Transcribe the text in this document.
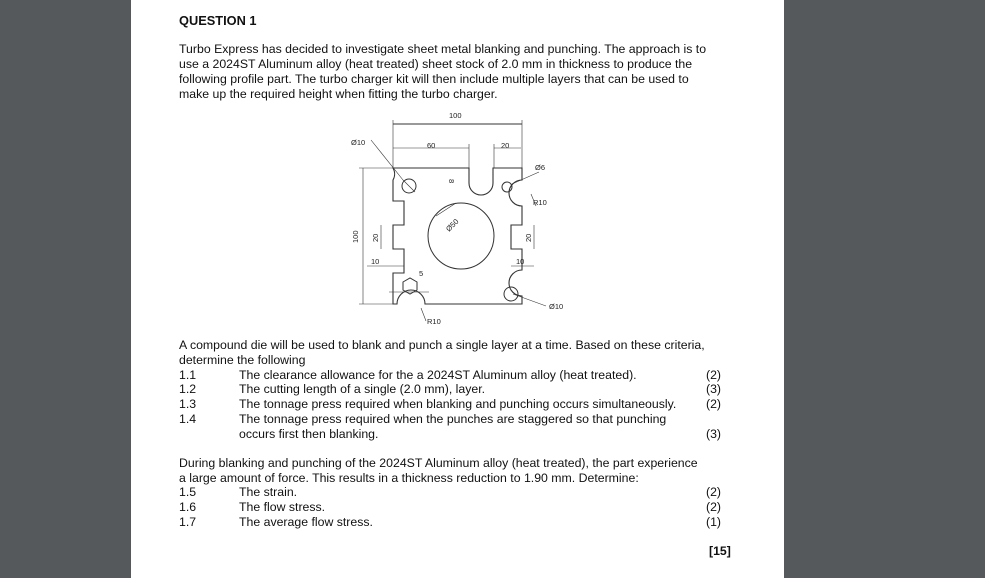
QUESTION 1
Turbo Express has decided to investigate sheet metal blanking and punching. The approach is to
use a 2024ST Aluminum alloy (heat treated) sheet stock of 2.0 mm in thickness to produce the
following profile part. The turbo charger kit will then include multiple layers that can be used to
make up the required height when fitting the turbo charger.
100
Ø10	60	20
8
Ø6
R10
Ø50
100 20	20
10	10
5
Ø10
R10
A compound die will be used to blank and punch a single layer at a time. Based on these criteria,
determine the following
1.1	The clearance allowance for the a 2024ST Aluminum alloy (heat treated).	(2)
1.2	The cutting length of a single (2.0 mm), layer.	(3)
1.3	The tonnage press required when blanking and punching occurs simultaneously. (2)
1.4	The tonnage press required when the punches are staggered so that punching
occurs first then blanking.	(3)
During blanking and punching of the 2024ST Aluminum alloy (heat treated), the part experience
a large amount of force. This results in a thickness reduction to 1.90 mm. Determine:
1.5	The strain.	(2)
1.6	The flow stress.	(2)
1.7	The average flow stress.	(1)
[15]
